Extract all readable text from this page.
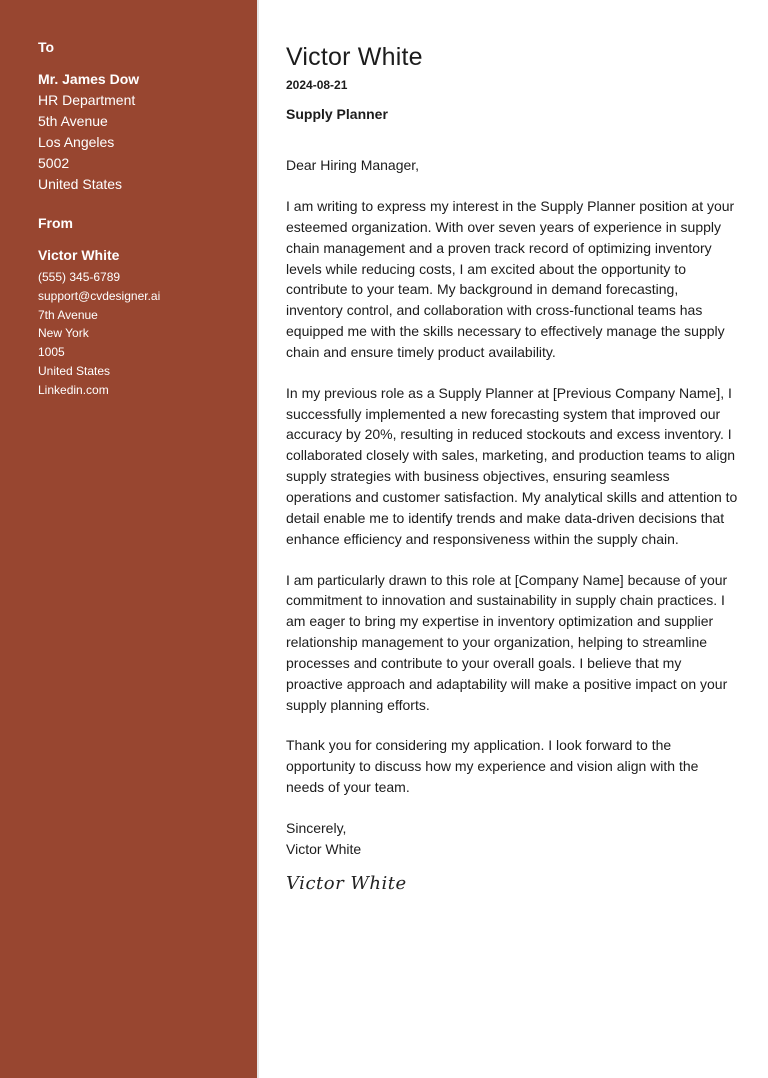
To
Mr. James Dow
HR Department
5th Avenue
Los Angeles
5002
United States
From
Victor White
(555) 345-6789
support@cvdesigner.ai
7th Avenue
New York
1005
United States
Linkedin.com
Victor White
2024-08-21
Supply Planner
Dear Hiring Manager,
I am writing to express my interest in the Supply Planner position at your esteemed organization. With over seven years of experience in supply chain management and a proven track record of optimizing inventory levels while reducing costs, I am excited about the opportunity to contribute to your team. My background in demand forecasting, inventory control, and collaboration with cross-functional teams has equipped me with the skills necessary to effectively manage the supply chain and ensure timely product availability.
In my previous role as a Supply Planner at [Previous Company Name], I successfully implemented a new forecasting system that improved our accuracy by 20%, resulting in reduced stockouts and excess inventory. I collaborated closely with sales, marketing, and production teams to align supply strategies with business objectives, ensuring seamless operations and customer satisfaction. My analytical skills and attention to detail enable me to identify trends and make data-driven decisions that enhance efficiency and responsiveness within the supply chain.
I am particularly drawn to this role at [Company Name] because of your commitment to innovation and sustainability in supply chain practices. I am eager to bring my expertise in inventory optimization and supplier relationship management to your organization, helping to streamline processes and contribute to your overall goals. I believe that my proactive approach and adaptability will make a positive impact on your supply planning efforts.
Thank you for considering my application. I look forward to the opportunity to discuss how my experience and vision align with the needs of your team.
Sincerely,
Victor White
Victor White
